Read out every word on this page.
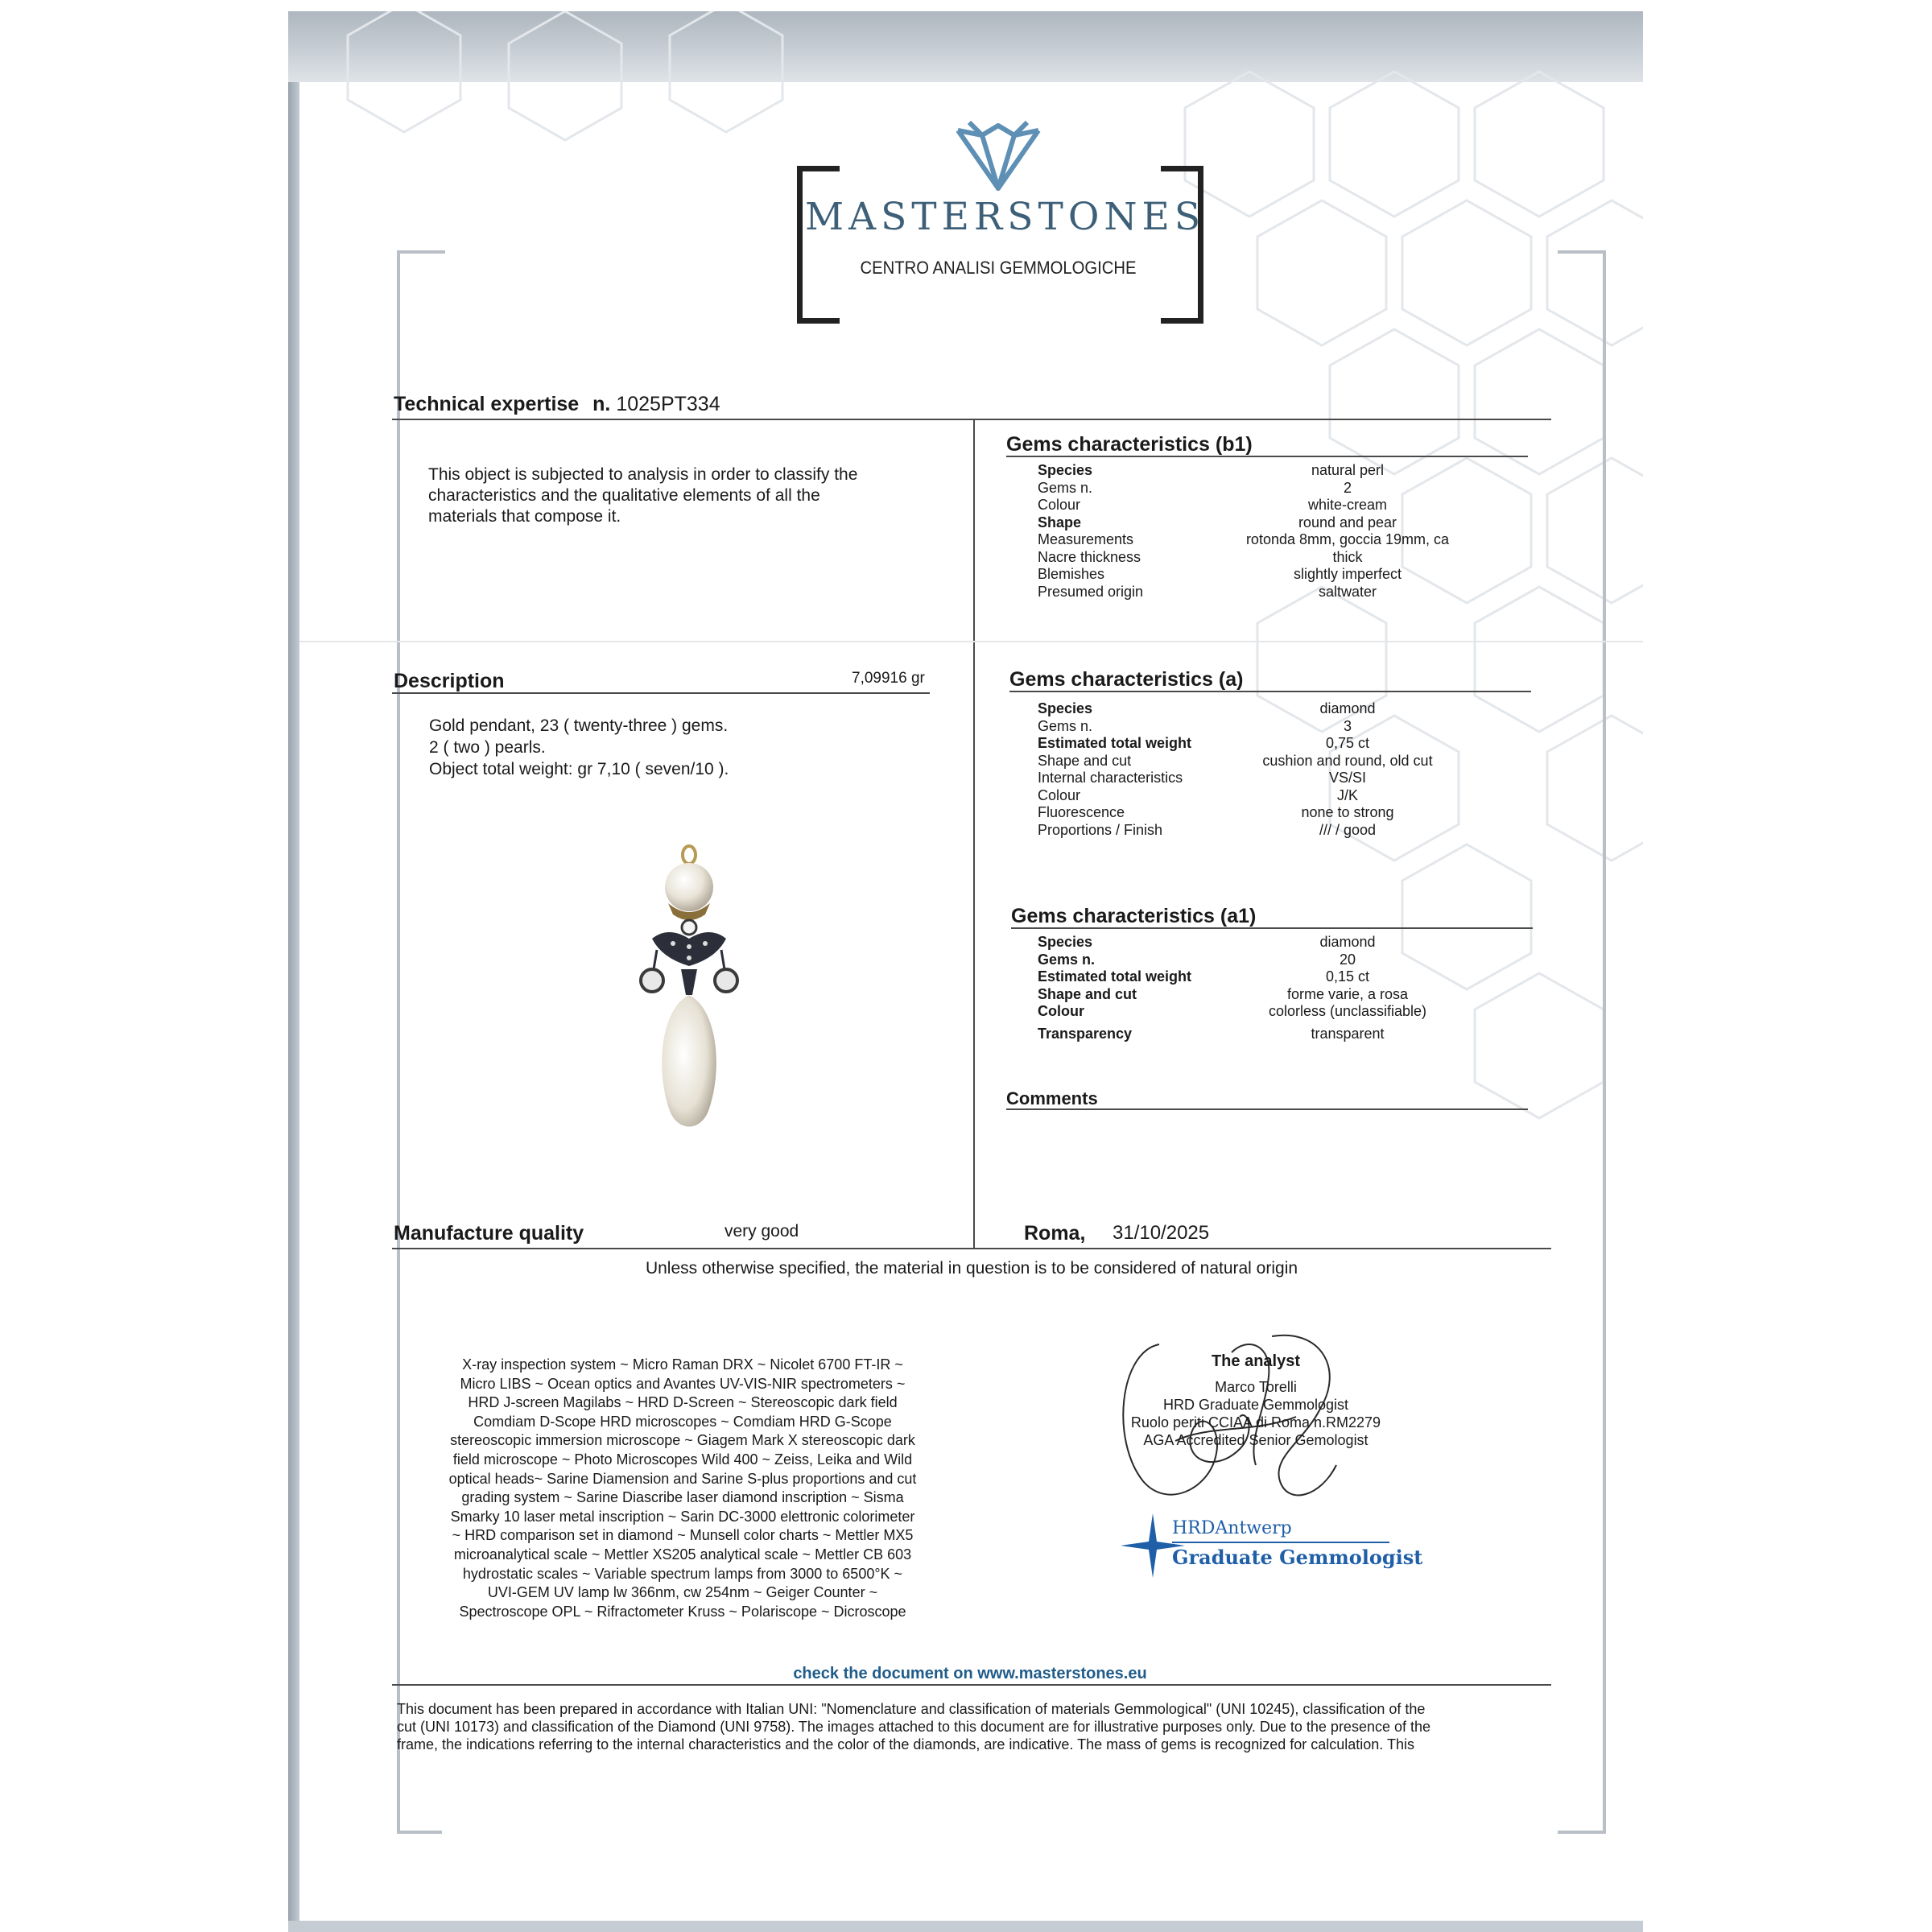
MASTERSTONES
CENTRO ANALISI GEMMOLOGICHE
Technical expertise n. 1025PT334
This object is subjected to analysis in order to classify the
characteristics and the qualitative elements of all the
materials that compose it.
Description	7,09916 gr
Gold pendant, 23 ( twenty-three ) gems.
2 ( two ) pearls.
Object total weight: gr 7,10 ( seven/10 ).
Manufacture quality	very good
Gems characteristics (b1)
Species	natural perl
Gems n.	2
Colour	white-cream
Shape	round and pear
Measurements	rotonda 8mm, goccia 19mm, ca
Nacre thickness	thick
Blemishes	slightly imperfect
Presumed origin	saltwater
Gems characteristics (a)
Species	diamond
Gems n.	3
Estimated total weight	0,75 ct
Shape and cut	cushion and round, old cut
Internal characteristics	VS/SI
Colour	J/K
Fluorescence	none to strong
Proportions / Finish	/// / good
Gems characteristics (a1)
Species	diamond
Gems n.	20
Estimated total weight	0,15 ct
Shape and cut	forme varie, a rosa
Colour	colorless (unclassifiable)
Transparency	transparent
Comments
Roma, 31/10/2025
Unless otherwise specified, the material in question is to be considered of natural origin
X-ray inspection system ~ Micro Raman DRX ~ Nicolet 6700 FT-IR ~
Micro LIBS ~ Ocean optics and Avantes UV-VIS-NIR spectrometers ~
HRD J-screen Magilabs ~ HRD D-Screen ~ Stereoscopic dark field
Comdiam D-Scope HRD microscopes ~ Comdiam HRD G-Scope
stereoscopic immersion microscope ~ Giagem Mark X stereoscopic dark
field microscope ~ Photo Microscopes Wild 400 ~ Zeiss, Leika and Wild
optical heads~ Sarine Diamension and Sarine S-plus proportions and cut
grading system ~ Sarine Diascribe laser diamond inscription ~ Sisma
Smarky 10 laser metal inscription ~ Sarin DC-3000 elettronic colorimeter
~ HRD comparison set in diamond ~ Munsell color charts ~ Mettler MX5
microanalytical scale ~ Mettler XS205 analytical scale ~ Mettler CB 603
hydrostatic scales ~ Variable spectrum lamps from 3000 to 6500°K ~
UVI-GEM UV lamp lw 366nm, cw 254nm ~ Geiger Counter ~
Spectroscope OPL ~ Rifractometer Kruss ~ Polariscope ~ Dicroscope
The analyst
Marco Torelli
HRD Graduate Gemmologist
Ruolo periti CCIAA di Roma n.RM2279
AGA Accredited Senior Gemologist
HRDAntwerp
Graduate Gemmologist
check the document on www.masterstones.eu
This document has been prepared in accordance with Italian UNI: "Nomenclature and classification of materials Gemmological" (UNI 10245), classification of the
cut (UNI 10173) and classification of the Diamond (UNI 9758). The images attached to this document are for illustrative purposes only. Due to the presence of the
frame, the indications referring to the internal characteristics and the color of the diamonds, are indicative. The mass of gems is recognized for calculation. This
